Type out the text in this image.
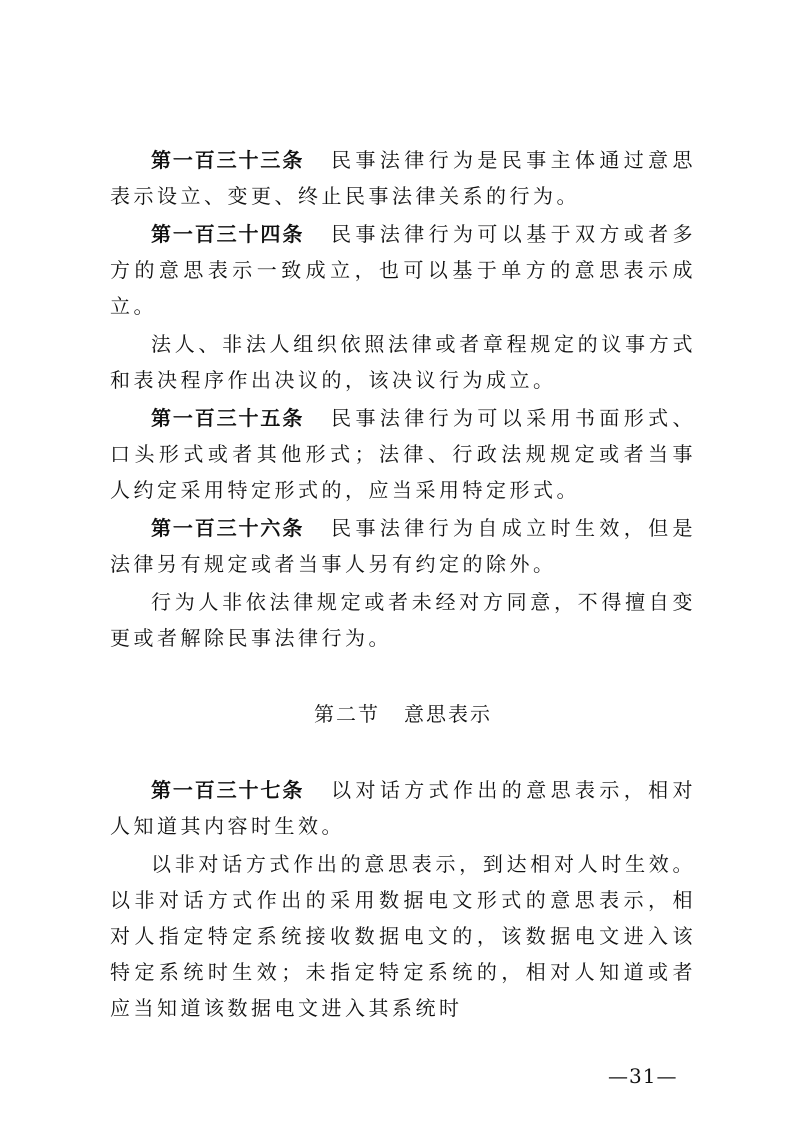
第一百三十三条 民事法律行为是民事主体通过意思表示设立、变更、终止民事法律关系的行为。

第一百三十四条 民事法律行为可以基于双方或者多方的意思表示一致成立，也可以基于单方的意思表示成立。

法人、非法人组织依照法律或者章程规定的议事方式和表决程序作出决议的，该决议行为成立。

第一百三十五条 民事法律行为可以采用书面形式、口头形式或者其他形式；法律、行政法规规定或者当事人约定采用特定形式的，应当采用特定形式。

第一百三十六条 民事法律行为自成立时生效，但是法律另有规定或者当事人另有约定的除外。

行为人非依法律规定或者未经对方同意，不得擅自变更或者解除民事法律行为。

第二节 意思表示

第一百三十七条 以对话方式作出的意思表示，相对人知道其内容时生效。

以非对话方式作出的意思表示，到达相对人时生效。以非对话方式作出的采用数据电文形式的意思表示，相对人指定特定系统接收数据电文的，该数据电文进入该特定系统时生效；未指定特定系统的，相对人知道或者应当知道该数据电文进入其系统时

—31—
